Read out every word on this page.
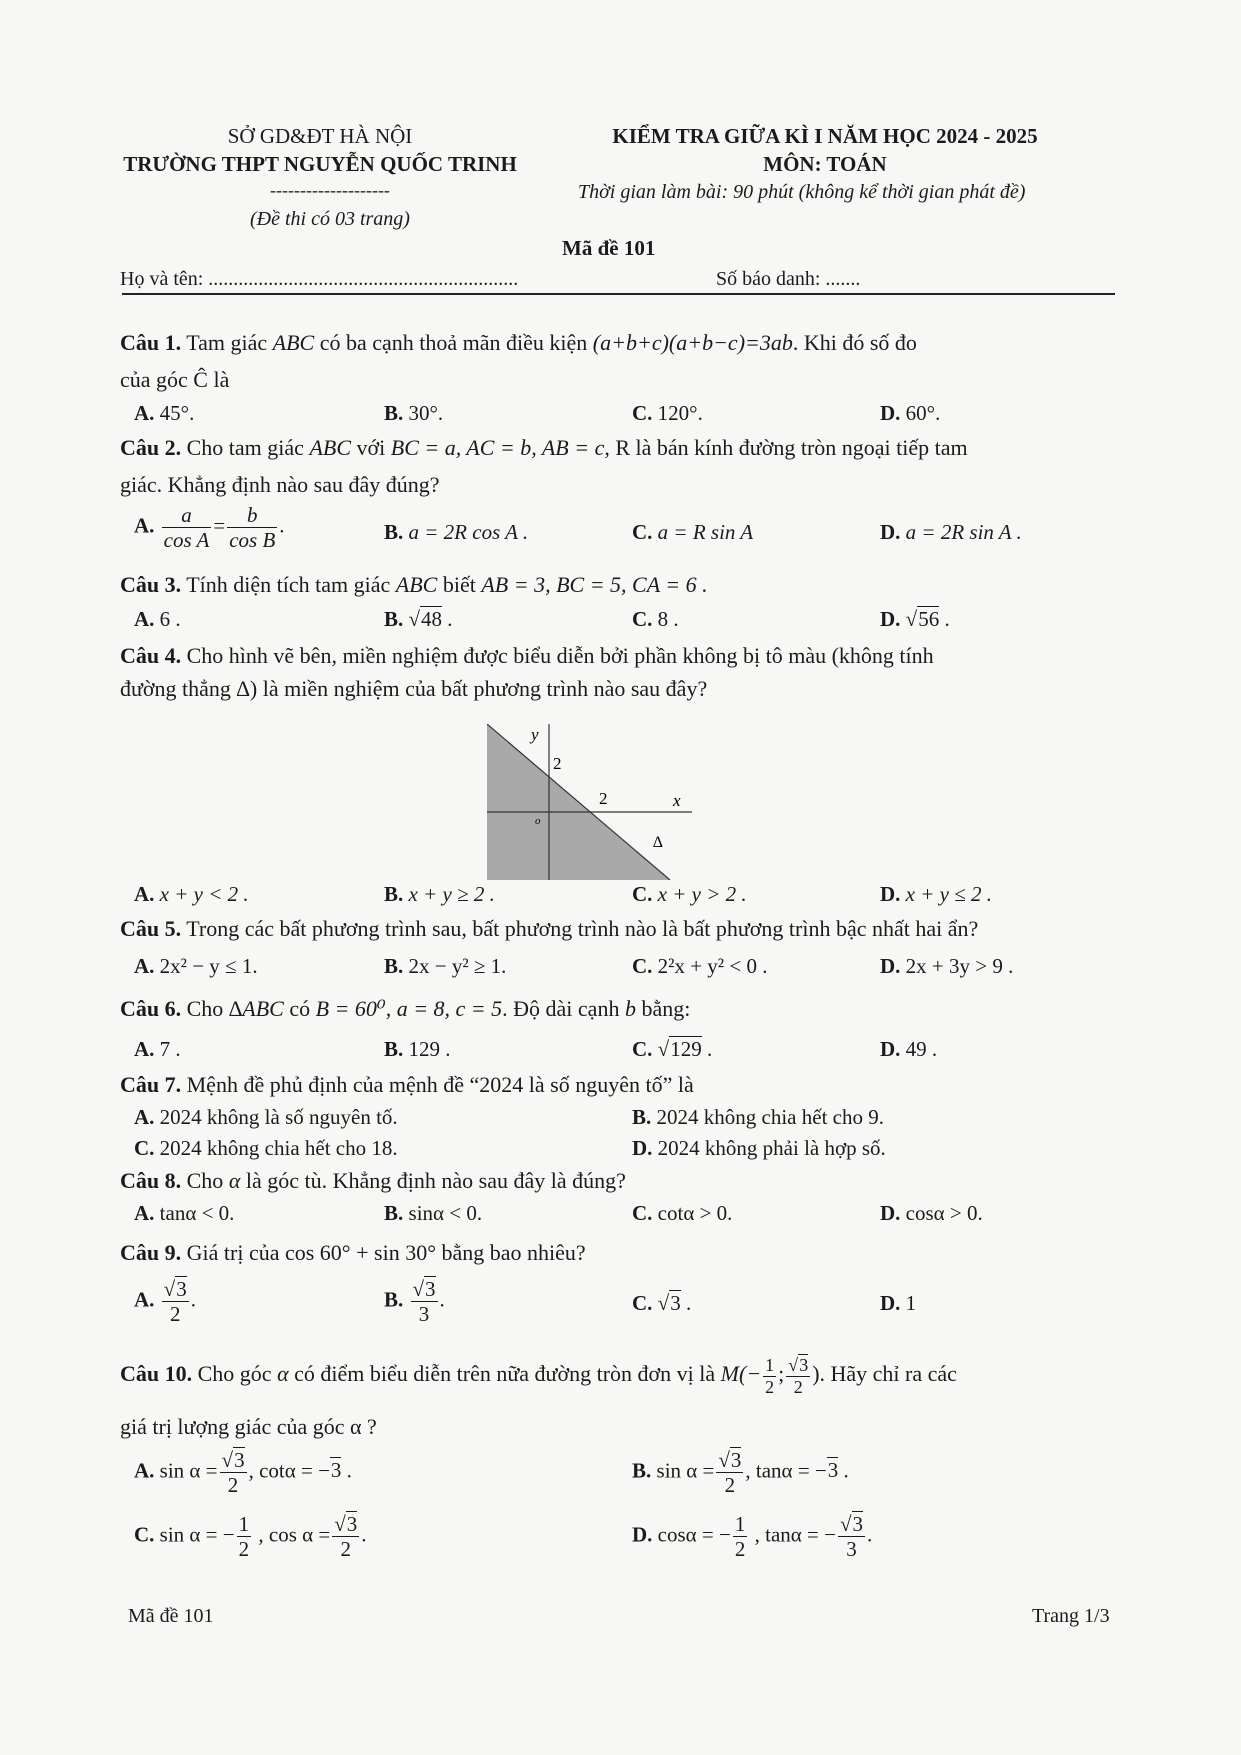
SỞ GD&ĐT HÀ NỘI
TRƯỜNG THPT NGUYỄN QUỐC TRINH
--------------------
(Đề thi có 03 trang)
KIỂM TRA GIỮA KÌ I NĂM HỌC 2024 - 2025
MÔN: TOÁN
Thời gian làm bài: 90 phút (không kể thời gian phát đề)
Mã đề 101
Họ và tên: ..............................................................	Số báo danh: .......
Câu 1. Tam giác ABC có ba cạnh thoả mãn điều kiện (a+b+c)(a+b−c)=3ab. Khi đó số đo
của góc Ĉ là
A. 45°.	B. 30°.	C. 120°.	D. 60°.
Câu 2. Cho tam giác ABC với BC = a, AC = b, AB = c, R là bán kính đường tròn ngoại tiếp tam
giác. Khẳng định nào sau đây đúng?
A. $\frac{a}{\text{cos A}} = \frac{b}{\text{cos B}}$ .	B. a = 2R cos A .	C. a = R sin A	D. a = 2R sin A .
Câu 3. Tính diện tích tam giác ABC biết AB = 3, BC = 5, CA = 6 .
A. 6 .	B. √48 .	C. 8 .	D. √56 .
Câu 4. Cho hình vẽ bên, miền nghiệm được biểu diễn bởi phần không bị tô màu (không tính
đường thẳng ∆) là miền nghiệm của bất phương trình nào sau đây?
y
x
o
2
2
∆
A. x + y < 2 .	B. x + y ≥ 2 .	C. x + y > 2 .	D. x + y ≤ 2 .
Câu 5. Trong các bất phương trình sau, bất phương trình nào là bất phương trình bậc nhất hai ẩn?
A. 2x² − y ≤ 1.	B. 2x − y² ≥ 1.	C. 2²x + y² < 0 .	D. 2x + 3y > 9 .
Câu 6. Cho ∆ABC có B = 60⁰, a = 8, c = 5. Độ dài cạnh b bằng:
A. 7 .	B. 129 .	C. √129 .	D. 49 .
Câu 7. Mệnh đề phủ định của mệnh đề “2024 là số nguyên tố” là
A. 2024 không là số nguyên tố.	B. 2024 không chia hết cho 9.
C. 2024 không chia hết cho 18.	D. 2024 không phải là hợp số.
Câu 8. Cho α là góc tù. Khẳng định nào sau đây là đúng?
A. tanα < 0.	B. sinα < 0.	C. cotα > 0.	D. cosα > 0.
Câu 9. Giá trị của cos 60° + sin 30° bằng bao nhiêu?
A. $\frac{√3}{2}$ .	B. $\frac{√3}{3}$ .	C. √3 .	D. 1
Câu 10. Cho góc α có điểm biểu diễn trên nữa đường tròn đơn vị là $M(- \frac{1}{2}$ ; $\frac{√3}{2}$ ). Hãy chỉ ra các
giá trị lượng giác của góc α ?
A. $\sin \alpha = \frac{√3}{2}$ , cotα = −3 .	B. $\sin \alpha = \frac{√3}{2}$ , tanα = −3 .
C. sin α = − $\frac{1}{2}$ , $\cos \alpha = \frac{√3}{2}$ .	D. cosα = − $\frac{1}{2}$ , tanα = − $\frac{√3}{3}$ .
Mã đề 101	Trang 1/3
